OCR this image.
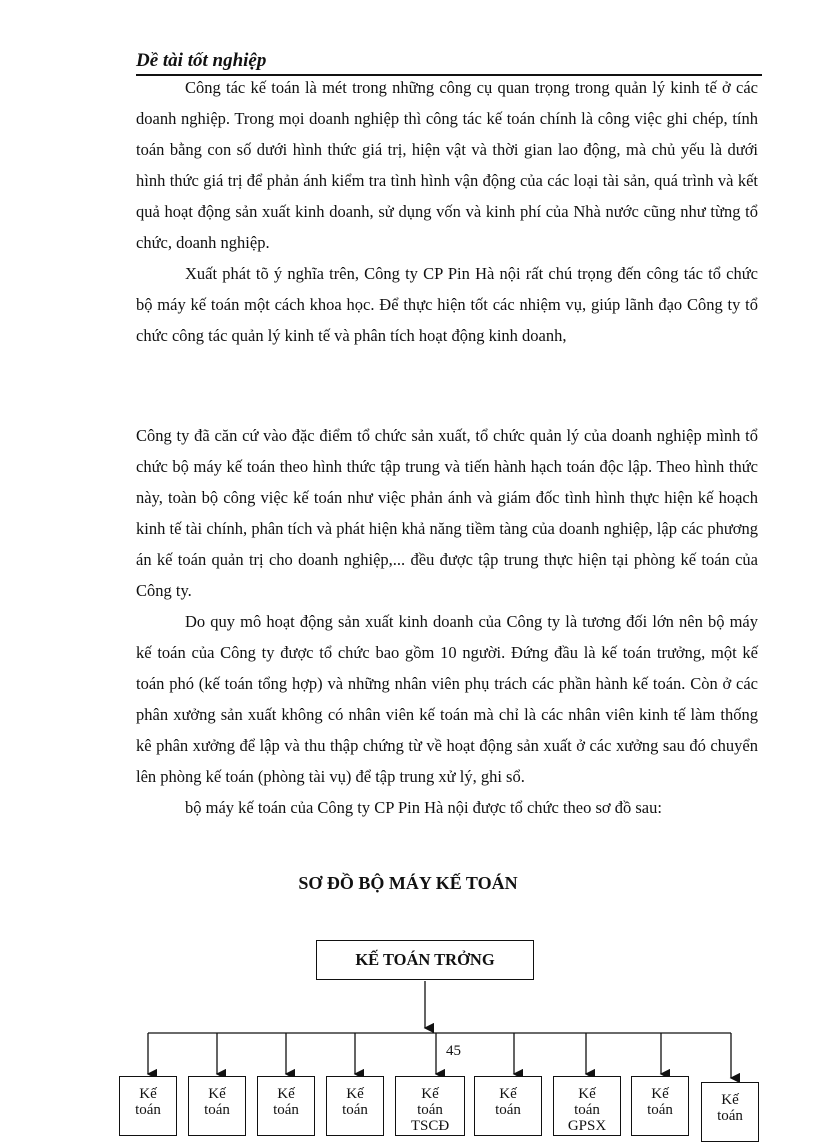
Dề tài tốt nghiệp

Công tác kế toán là mét trong những công cụ quan trọng trong quản lý kinh tế ở các doanh nghiệp. Trong mọi doanh nghiệp thì công tác kế toán chính là công việc ghi chép, tính toán bằng con số dưới hình thức giá trị, hiện vật và thời gian lao động, mà chủ yếu là dưới hình thức giá trị để phản ánh kiểm tra tình hình vận động của các loại tài sản, quá trình và kết quả hoạt động sản xuất kinh doanh, sử dụng vốn và kinh phí của Nhà nước cũng như từng tổ chức, doanh nghiệp.

Xuất phát tõ ý nghĩa trên, Công ty CP Pin Hà nội rất chú trọng đến công tác tổ chức bộ máy kế toán một cách khoa học. Để thực hiện tốt các nhiệm vụ, giúp lãnh đạo Công ty tổ chức công tác quản lý kinh tế và phân tích hoạt động kinh doanh,

Công ty đã căn cứ vào đặc điểm tổ chức sản xuất, tổ chức quản lý của doanh nghiệp mình tổ chức bộ máy kế toán theo hình thức tập trung và tiến hành hạch toán độc lập. Theo hình thức này, toàn bộ công việc kế toán như việc phản ánh và giám đốc tình hình thực hiện kế hoạch kinh tế tài chính, phân tích và phát hiện khả năng tiềm tàng của doanh nghiệp, lập các phương án kế toán quản trị cho doanh nghiệp,... đều được tập trung thực hiện tại phòng kế toán của Công ty.

Do quy mô hoạt động sản xuất kinh doanh của Công ty là tương đối lớn nên bộ máy kế toán của Công ty được tổ chức bao gồm 10 người. Đứng đầu là kế toán trưởng, một kế toán phó (kế toán tổng hợp) và những nhân viên phụ trách các phần hành kế toán. Còn ở các phân xưởng sản xuất không có nhân viên kế toán mà chỉ là các nhân viên kinh tế làm thống kê phân xưởng để lập và thu thập chứng từ về hoạt động sản xuất ở các xưởng sau đó chuyển lên phòng kế toán (phòng tài vụ) để tập trung xử lý, ghi sổ.

bộ máy kế toán của Công ty CP Pin Hà nội được tổ chức theo sơ đồ sau:

SƠ ĐỒ BỘ MÁY KẾ TOÁN
KẾ TOÁN TRỞNG
45
Kế
toán
Kế
toán
Kế
toán
Kế
toán
Kế
toán
TSCĐ
Kế
toán
Kế
toán
GPSX
Kế
toán
Kế
toán
